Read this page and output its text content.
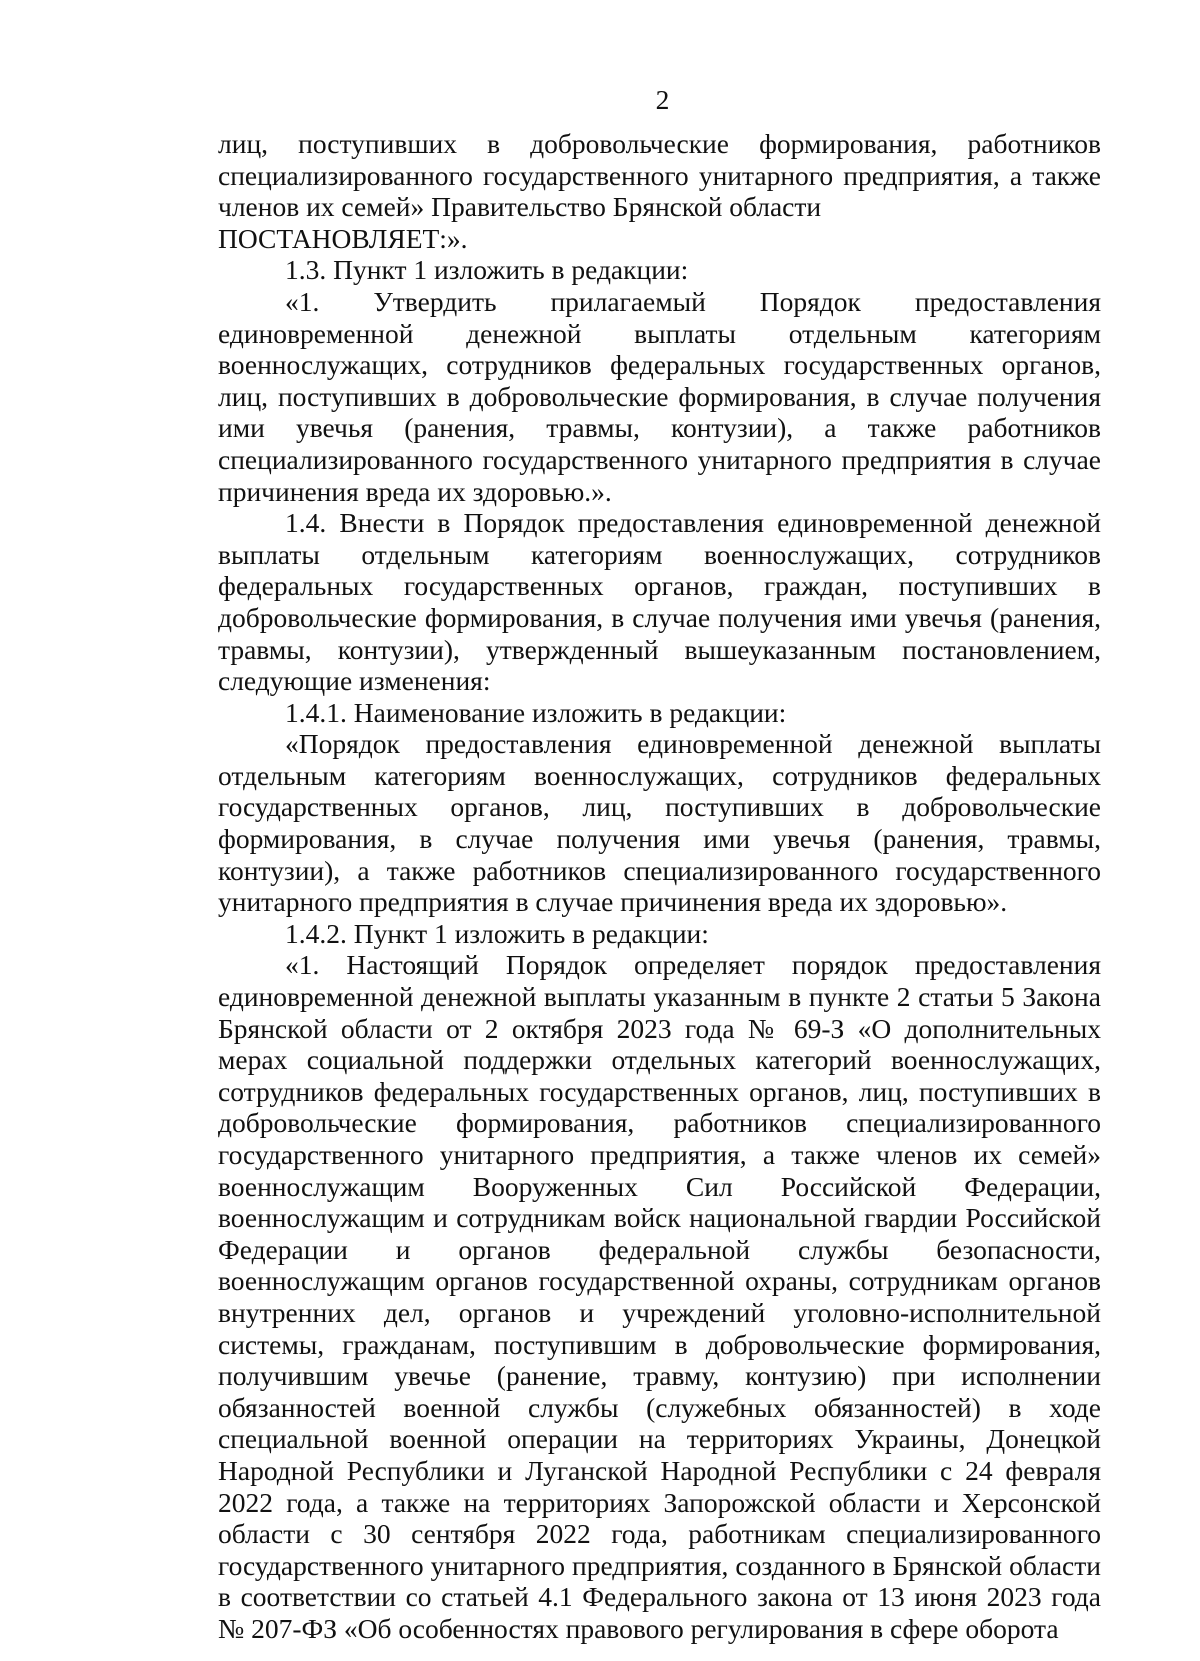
2

лиц, поступивших в добровольческие формирования, работников специализированного государственного унитарного предприятия, а также членов их семей» Правительство Брянской области

ПОСТАНОВЛЯЕТ:».

1.3. Пункт 1 изложить в редакции:

«1. Утвердить прилагаемый Порядок предоставления единовременной денежной выплаты отдельным категориям военнослужащих, сотрудников федеральных государственных органов, лиц, поступивших в добровольческие формирования, в случае получения ими увечья (ранения, травмы, контузии), а также работников специализированного государственного унитарного предприятия в случае причинения вреда их здоровью.».

1.4. Внести в Порядок предоставления единовременной денежной выплаты отдельным категориям военнослужащих, сотрудников федеральных государственных органов, граждан, поступивших в добровольческие формирования, в случае получения ими увечья (ранения, травмы, контузии), утвержденный вышеуказанным постановлением, следующие изменения:

1.4.1. Наименование изложить в редакции:

«Порядок предоставления единовременной денежной выплаты отдельным категориям военнослужащих, сотрудников федеральных государственных органов, лиц, поступивших в добровольческие формирования, в случае получения ими увечья (ранения, травмы, контузии), а также работников специализированного государственного унитарного предприятия в случае причинения вреда их здоровью».

1.4.2. Пункт 1 изложить в редакции:

«1. Настоящий Порядок определяет порядок предоставления единовременной денежной выплаты указанным в пункте 2 статьи 5 Закона Брянской области от 2 октября 2023 года № 69-З «О дополнительных мерах социальной поддержки отдельных категорий военнослужащих, сотрудников федеральных государственных органов, лиц, поступивших в добровольческие формирования, работников специализированного государственного унитарного предприятия, а также членов их семей» военнослужащим Вооруженных Сил Российской Федерации, военнослужащим и сотрудникам войск национальной гвардии Российской Федерации и органов федеральной службы безопасности, военнослужащим органов государственной охраны, сотрудникам органов внутренних дел, органов и учреждений уголовно-исполнительной системы, гражданам, поступившим в добровольческие формирования, получившим увечье (ранение, травму, контузию) при исполнении обязанностей военной службы (служебных обязанностей) в ходе специальной военной операции на территориях Украины, Донецкой Народной Республики и Луганской Народной Республики с 24 февраля 2022 года, а также на территориях Запорожской области и Херсонской области с 30 сентября 2022 года, работникам специализированного государственного унитарного предприятия, созданного в Брянской области в соответствии со статьей 4.1 Федерального закона от 13 июня 2023 года № 207-ФЗ «Об особенностях правового регулирования в сфере оборота
